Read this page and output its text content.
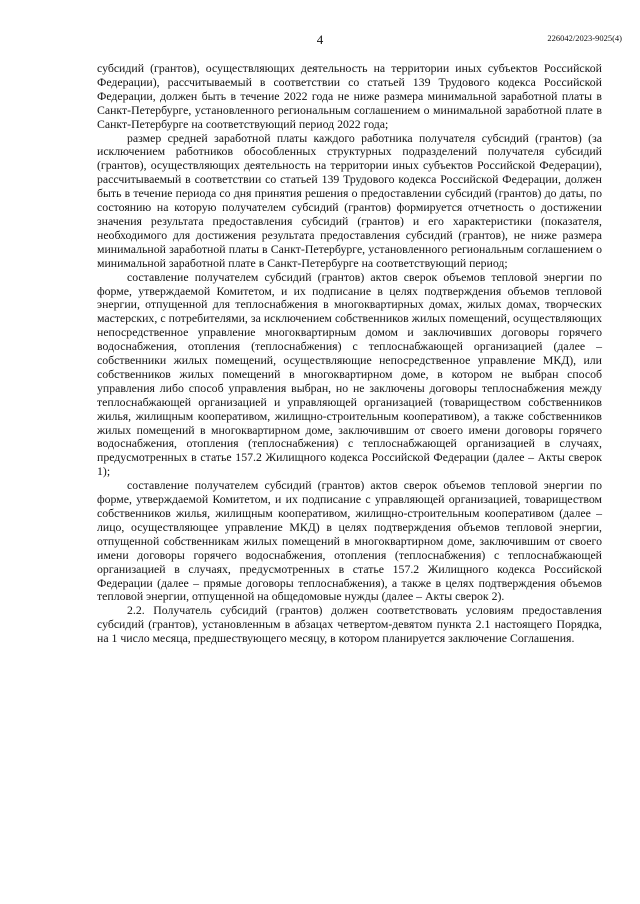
4	226042/2023-9025(4)

субсидий (грантов), осуществляющих деятельность на территории иных субъектов Российской Федерации), рассчитываемый в соответствии со статьей 139 Трудового кодекса Российской Федерации, должен быть в течение 2022 года не ниже размера минимальной заработной платы в Санкт-Петербурге, установленного региональным соглашением о минимальной заработной плате в Санкт-Петербурге на соответствующий период 2022 года;

размер средней заработной платы каждого работника получателя субсидий (грантов) (за исключением работников обособленных структурных подразделений получателя субсидий (грантов), осуществляющих деятельность на территории иных субъектов Российской Федерации), рассчитываемый в соответствии со статьей 139 Трудового кодекса Российской Федерации, должен быть в течение периода со дня принятия решения о предоставлении субсидий (грантов) до даты, по состоянию на которую получателем субсидий (грантов) формируется отчетность о достижении значения результата предоставления субсидий (грантов) и его характеристики (показателя, необходимого для достижения результата предоставления субсидий (грантов), не ниже размера минимальной заработной платы в Санкт-Петербурге, установленного региональным соглашением о минимальной заработной плате в Санкт-Петербурге на соответствующий период;

составление получателем субсидий (грантов) актов сверок объемов тепловой энергии по форме, утверждаемой Комитетом, и их подписание в целях подтверждения объемов тепловой энергии, отпущенной для теплоснабжения в многоквартирных домах, жилых домах, творческих мастерских, с потребителями, за исключением собственников жилых помещений, осуществляющих непосредственное управление многоквартирным домом и заключивших договоры горячего водоснабжения, отопления (теплоснабжения) с теплоснабжающей организацией (далее – собственники жилых помещений, осуществляющие непосредственное управление МКД), или собственников жилых помещений в многоквартирном доме, в котором не выбран способ управления либо способ управления выбран, но не заключены договоры теплоснабжения между теплоснабжающей организацией и управляющей организацией (товариществом собственников жилья, жилищным кооперативом, жилищно-строительным кооперативом), а также собственников жилых помещений в многоквартирном доме, заключившим от своего имени договоры горячего водоснабжения, отопления (теплоснабжения) с теплоснабжающей организацией в случаях, предусмотренных в статье 157.2 Жилищного кодекса Российской Федерации (далее – Акты сверок 1);

составление получателем субсидий (грантов) актов сверок объемов тепловой энергии по форме, утверждаемой Комитетом, и их подписание с управляющей организацией, товариществом собственников жилья, жилищным кооперативом, жилищно-строительным кооперативом (далее – лицо, осуществляющее управление МКД) в целях подтверждения объемов тепловой энергии, отпущенной собственникам жилых помещений в многоквартирном доме, заключившим от своего имени договоры горячего водоснабжения, отопления (теплоснабжения) с теплоснабжающей организацией в случаях, предусмотренных в статье 157.2 Жилищного кодекса Российской Федерации (далее – прямые договоры теплоснабжения), а также в целях подтверждения объемов тепловой энергии, отпущенной на общедомовые нужды (далее – Акты сверок 2).

2.2. Получатель субсидий (грантов) должен соответствовать условиям предоставления субсидий (грантов), установленным в абзацах четвертом-девятом пункта 2.1 настоящего Порядка, на 1 число месяца, предшествующего месяцу, в котором планируется заключение Соглашения.
